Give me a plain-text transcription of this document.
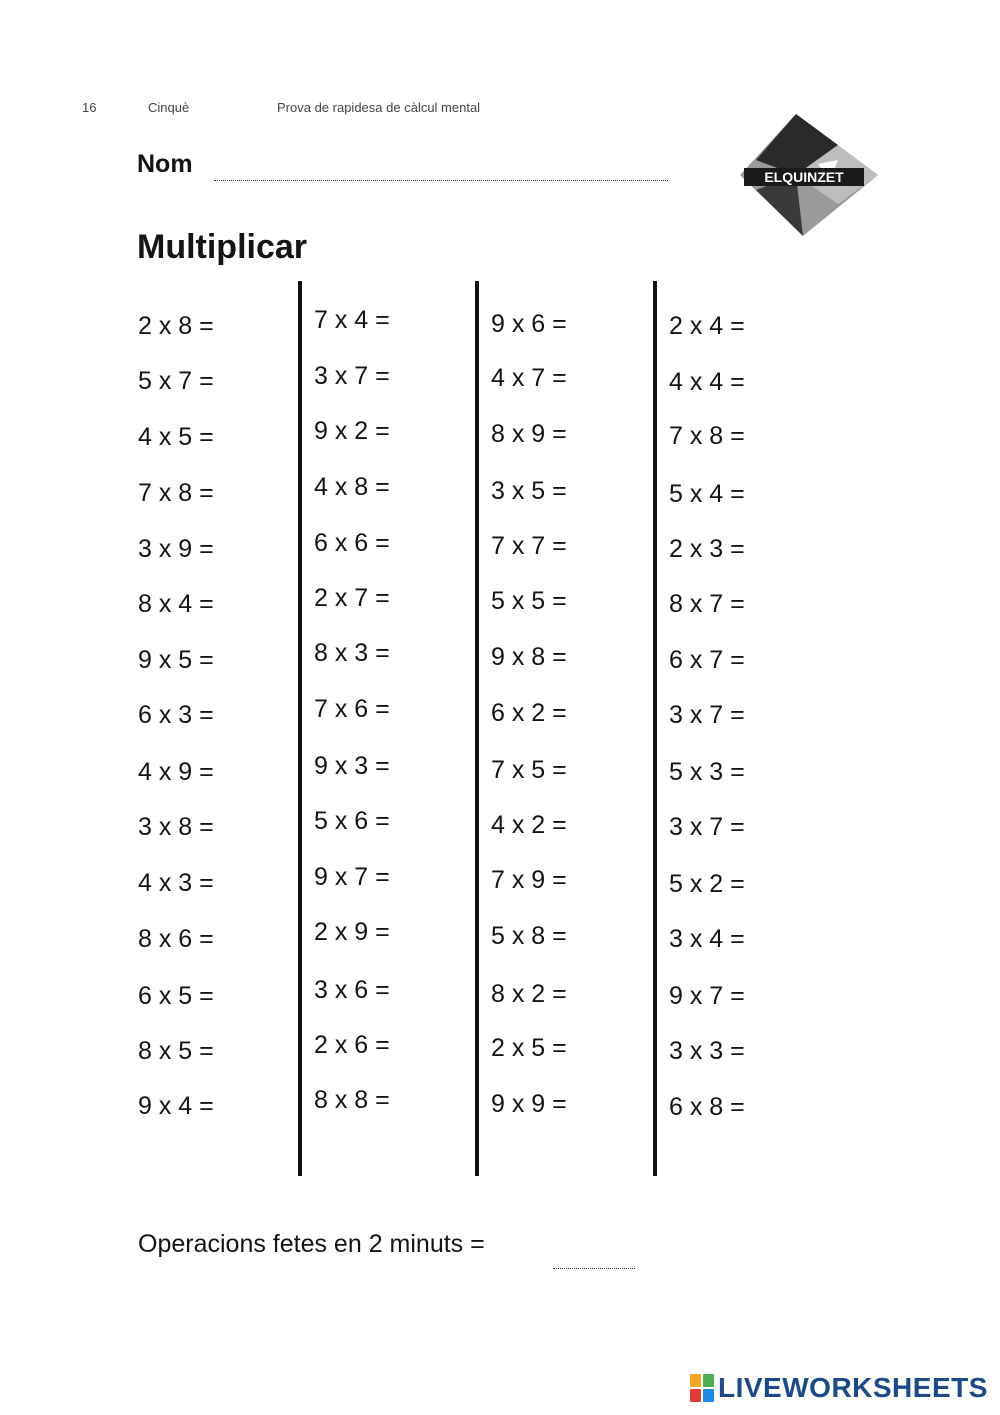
16	Cinquè	Prova de rapidesa de càlcul mental
Nom	ELQUINZET
Multiplicar
2 x 8 =
5 x 7 =
4 x 5 =
7 x 8 =
3 x 9 =
8 x 4 =
9 x 5 =
6 x 3 =
4 x 9 =
3 x 8 =
4 x 3 =
8 x 6 =
6 x 5 =
8 x 5 =
9 x 4 =
7 x 4 =
3 x 7 =
9 x 2 =
4 x 8 =
6 x 6 =
2 x 7 =
8 x 3 =
7 x 6 =
9 x 3 =
5 x 6 =
9 x 7 =
2 x 9 =
3 x 6 =
2 x 6 =
8 x 8 =
9 x 6 =
4 x 7 =
8 x 9 =
3 x 5 =
7 x 7 =
5 x 5 =
9 x 8 =
6 x 2 =
7 x 5 =
4 x 2 =
7 x 9 =
5 x 8 =
8 x 2 =
2 x 5 =
9 x 9 =
2 x 4 =
4 x 4 =
7 x 8 =
5 x 4 =
2 x 3 =
8 x 7 =
6 x 7 =
3 x 7 =
5 x 3 =
3 x 7 =
5 x 2 =
3 x 4 =
9 x 7 =
3 x 3 =
6 x 8 =
Operacions fetes en 2 minuts =
LIVEWORKSHEETS
